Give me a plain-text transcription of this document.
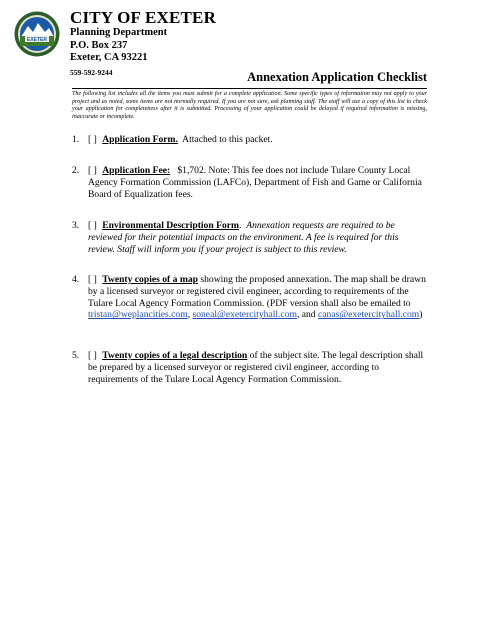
EXETER
CITY OF EXETER
Planning Department
P.O. Box 237
Exeter, CA 93221
559-592-9244	Annexation Application Checklist
The following list includes all the items you must submit for a complete application. Some specific types of information may not apply to your project and as noted, some items are not normally required. If you are not sure, ask planning staff. The staff will use a copy of this list to check your application for completeness after it is submitted. Processing of your application could be delayed if required information is missing, inaccurate or incomplete.
1. [ ] Application Form. Attached to this packet.
2. [ ] Application Fee: $1,702. Note: This fee does not include Tulare County Local Agency Formation Commission (LAFCo), Department of Fish and Game or California Board of Equalization fees.
3. [ ] Environmental Description Form.  Annexation requests are required to be reviewed for their potential impacts on the environment. A fee is required for this review. Staff will inform you if your project is subject to this review.
4. [ ] Twenty copies of a map showing the proposed annexation. The map shall be drawn by a licensed surveyor or registered civil engineer, according to requirements of the Tulare Local Agency Formation Commission. (PDF version shall also be emailed to tristan@weplancities.com, soneal@exetercityhall.com, and canas@exetercityhall.com)
5. [ ] Twenty copies of a legal description of the subject site. The legal description shall be prepared by a licensed surveyor or registered civil engineer, according to requirements of the Tulare Local Agency Formation Commission.
